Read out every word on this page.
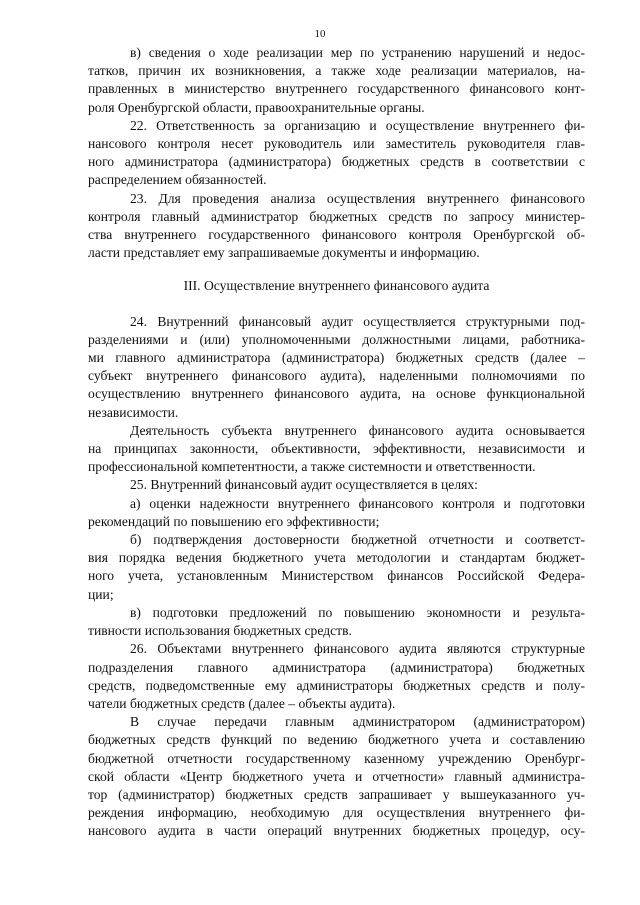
10
в) сведения о ходе реализации мер по устранению нарушений и недос-
татков, причин их возникновения, а также ходе реализации материалов, на-
правленных в министерство внутреннего государственного финансового конт-
роля Оренбургской области, правоохранительные органы.
22. Ответственность за организацию и осуществление внутреннего фи-
нансового контроля несет руководитель или заместитель руководителя глав-
ного администратора (администратора) бюджетных средств в соответствии с
распределением обязанностей.
23. Для проведения анализа осуществления внутреннего финансового
контроля главный администратор бюджетных средств по запросу министер-
ства внутреннего государственного финансового контроля Оренбургской об-
ласти представляет ему запрашиваемые документы и информацию.
III. Осуществление внутреннего финансового аудита
24. Внутренний финансовый аудит осуществляется структурными под-
разделениями и (или) уполномоченными должностными лицами, работника-
ми главного администратора (администратора) бюджетных средств (далее –
субъект внутреннего финансового аудита), наделенными полномочиями по
осуществлению внутреннего финансового аудита, на основе функциональной
независимости.
Деятельность субъекта внутреннего финансового аудита основывается
на принципах законности, объективности, эффективности, независимости и
профессиональной компетентности, а также системности и ответственности.
25. Внутренний финансовый аудит осуществляется в целях:
а) оценки надежности внутреннего финансового контроля и подготовки
рекомендаций по повышению его эффективности;
б) подтверждения достоверности бюджетной отчетности и соответст-
вия порядка ведения бюджетного учета методологии и стандартам бюджет-
ного учета, установленным Министерством финансов Российской Федера-
ции;
в) подготовки предложений по повышению экономности и результа-
тивности использования бюджетных средств.
26. Объектами внутреннего финансового аудита являются структурные
подразделения главного администратора (администратора) бюджетных
средств, подведомственные ему администраторы бюджетных средств и полу-
чатели бюджетных средств (далее – объекты аудита).
В случае передачи главным администратором (администратором)
бюджетных средств функций по ведению бюджетного учета и составлению
бюджетной отчетности государственному казенному учреждению Оренбург-
ской области «Центр бюджетного учета и отчетности» главный администра-
тор (администратор) бюджетных средств запрашивает у вышеуказанного уч-
реждения информацию, необходимую для осуществления внутреннего фи-
нансового аудита в части операций внутренних бюджетных процедур, осу-
